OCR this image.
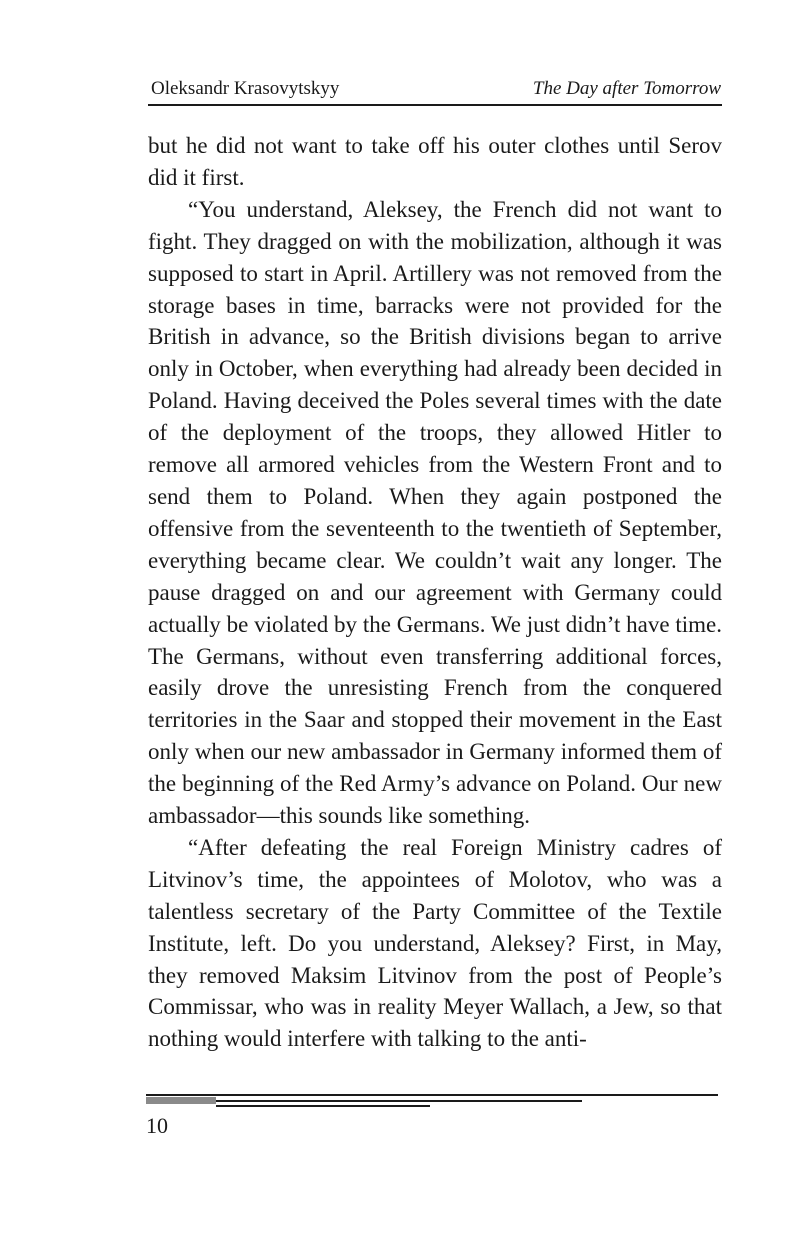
Oleksandr Krasovytskyy	The Day after Tomorrow

but he did not want to take off his outer clothes until Serov did it first.

“You understand, Aleksey, the French did not want to fight. They dragged on with the mobilization, although it was supposed to start in April. Artillery was not removed from the storage bases in time, barracks were not provided for the British in advance, so the British divisions began to arrive only in October, when everything had already been decided in Poland. Having deceived the Poles several times with the date of the deployment of the troops, they allowed Hitler to remove all armored vehicles from the Western Front and to send them to Poland. When they again postponed the offensive from the seventeenth to the twentieth of September, everything became clear. We couldn’t wait any longer. The pause dragged on and our agreement with Germany could actually be violated by the Germans. We just didn’t have time. The Germans, without even transferring additional forces, easily drove the unresisting French from the conquered territories in the Saar and stopped their movement in the East only when our new ambassador in Germany informed them of the beginning of the Red Army’s advance on Poland. Our new ambassador—this sounds like something.

“After defeating the real Foreign Ministry cadres of Litvinov’s time, the appointees of Molotov, who was a talentless secretary of the Party Committee of the Textile Institute, left. Do you understand, Aleksey? First, in May, they removed Maksim Litvinov from the post of People’s Commissar, who was in reality Meyer Wallach, a Jew, so that nothing would interfere with talking to the anti-

10
